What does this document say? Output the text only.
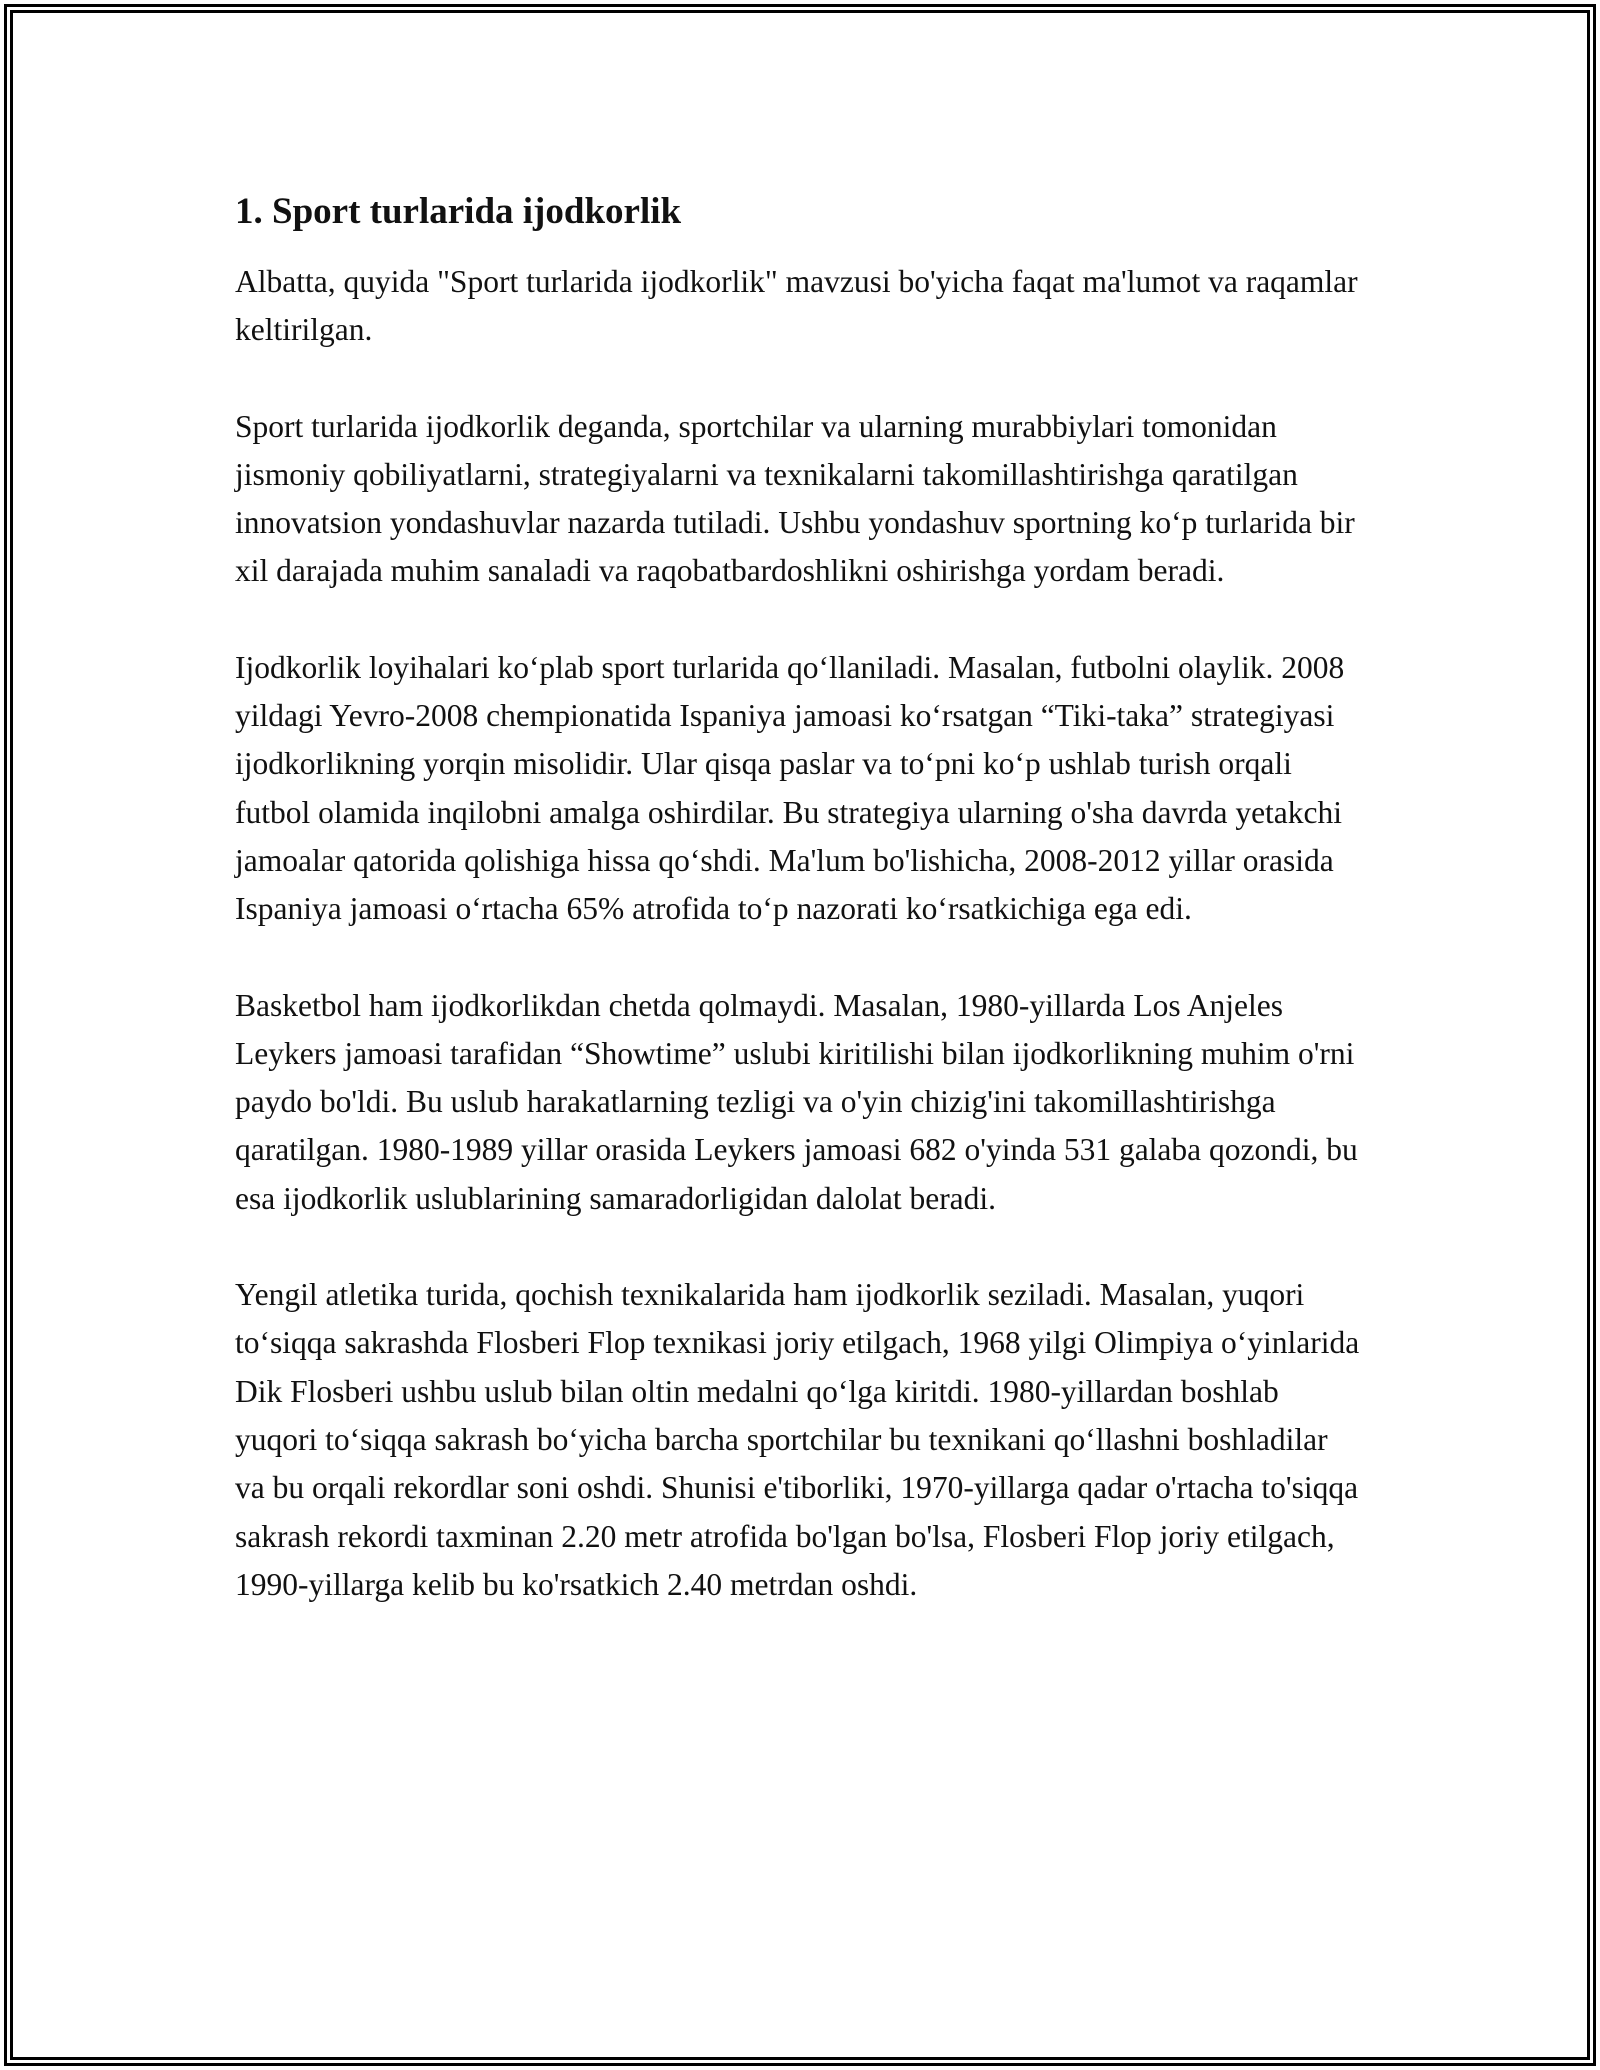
1. Sport turlarida ijodkorlik

Albatta, quyida "Sport turlarida ijodkorlik" mavzusi bo'yicha faqat ma'lumot va raqamlar keltirilgan.

Sport turlarida ijodkorlik deganda, sportchilar va ularning murabbiylari tomonidan jismoniy qobiliyatlarni, strategiyalarni va texnikalarni takomillashtirishga qaratilgan innovatsion yondashuvlar nazarda tutiladi. Ushbu yondashuv sportning koʻp turlarida bir xil darajada muhim sanaladi va raqobatbardoshlikni oshirishga yordam beradi.

Ijodkorlik loyihalari koʻplab sport turlarida qoʻllaniladi. Masalan, futbolni olaylik. 2008 yildagi Yevro-2008 chempionatida Ispaniya jamoasi koʻrsatgan “Tiki-taka” strategiyasi ijodkorlikning yorqin misolidir. Ular qisqa paslar va toʻpni koʻp ushlab turish orqali futbol olamida inqilobni amalga oshirdilar. Bu strategiya ularning o'sha davrda yetakchi jamoalar qatorida qolishiga hissa qoʻshdi. Ma'lum bo'lishicha, 2008-2012 yillar orasida Ispaniya jamoasi oʻrtacha 65% atrofida toʻp nazorati koʻrsatkichiga ega edi.

Basketbol ham ijodkorlikdan chetda qolmaydi. Masalan, 1980-yillarda Los Anjeles Leykers jamoasi tarafidan “Showtime” uslubi kiritilishi bilan ijodkorlikning muhim o'rni paydo bo'ldi. Bu uslub harakatlarning tezligi va o'yin chizig'ini takomillashtirishga qaratilgan. 1980-1989 yillar orasida Leykers jamoasi 682 o'yinda 531 galaba qozondi, bu esa ijodkorlik uslublarining samaradorligidan dalolat beradi.

Yengil atletika turida, qochish texnikalarida ham ijodkorlik seziladi. Masalan, yuqori toʻsiqqa sakrashda Flosberi Flop texnikasi joriy etilgach, 1968 yilgi Olimpiya oʻyinlarida Dik Flosberi ushbu uslub bilan oltin medalni qoʻlga kiritdi. 1980-yillardan boshlab yuqori toʻsiqqa sakrash boʻyicha barcha sportchilar bu texnikani qoʻllashni boshladilar va bu orqali rekordlar soni oshdi. Shunisi e'tiborliki, 1970-yillarga qadar o'rtacha to'siqqa sakrash rekordi taxminan 2.20 metr atrofida bo'lgan bo'lsa, Flosberi Flop joriy etilgach, 1990-yillarga kelib bu ko'rsatkich 2.40 metrdan oshdi.
